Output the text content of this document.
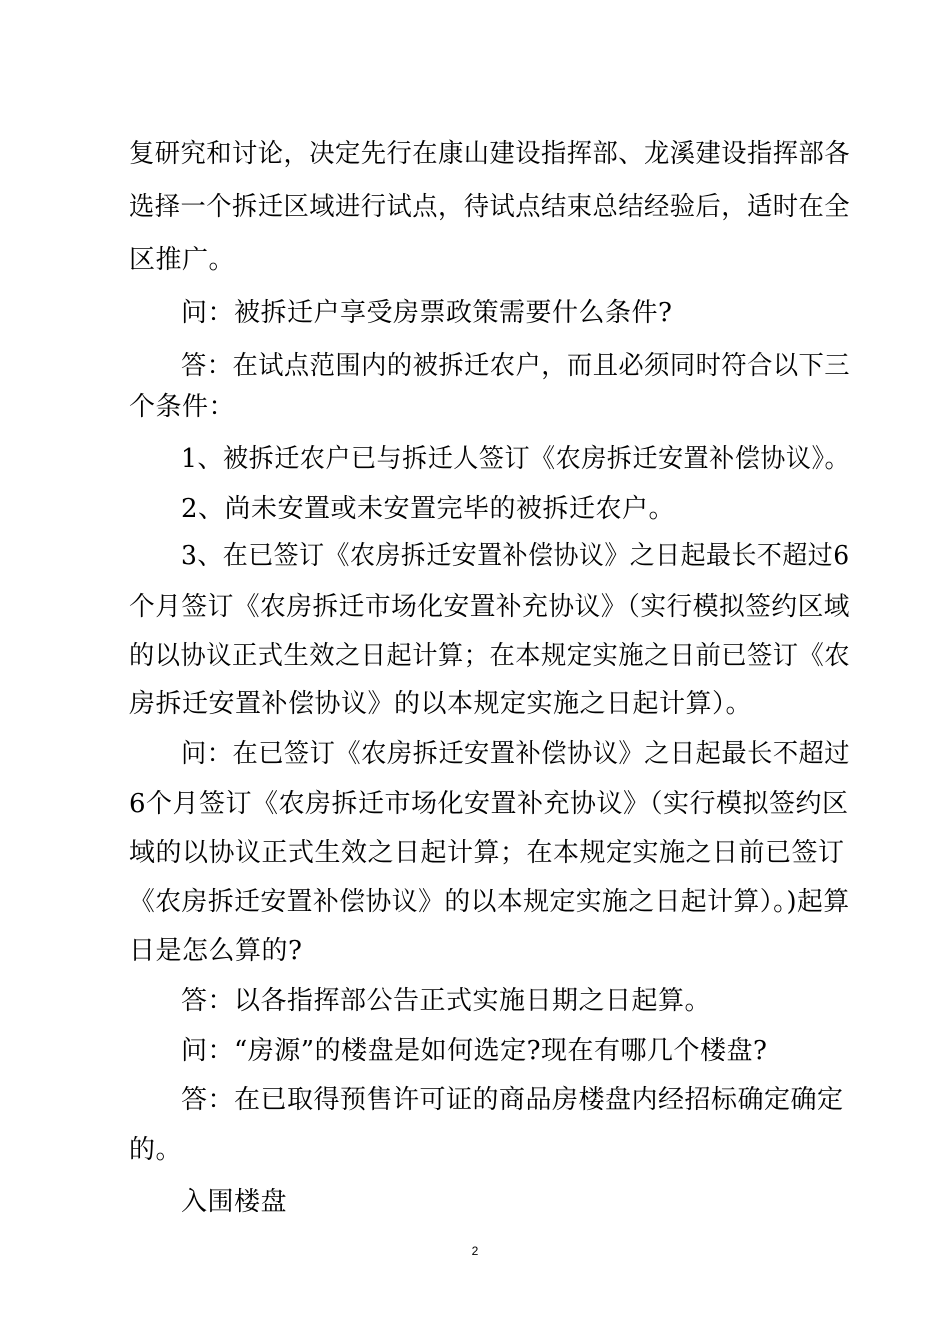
复研究和讨论，决定先行在康山建设指挥部、龙溪建设指挥部各
选择一个拆迁区域进行试点，待试点结束总结经验后，适时在全
区推广。
问：被拆迁户享受房票政策需要什么条件?
答：在试点范围内的被拆迁农户，而且必须同时符合以下三
个条件：
1、被拆迁农户已与拆迁人签订《农房拆迁安置补偿协议》。
2、尚未安置或未安置完毕的被拆迁农户。
3、在已签订《农房拆迁安置补偿协议》之日起最长不超过6
个月签订《农房拆迁市场化安置补充协议》（实行模拟签约区域
的以协议正式生效之日起计算；在本规定实施之日前已签订《农
房拆迁安置补偿协议》的以本规定实施之日起计算）。
问：在已签订《农房拆迁安置补偿协议》之日起最长不超过
6个月签订《农房拆迁市场化安置补充协议》（实行模拟签约区
域的以协议正式生效之日起计算；在本规定实施之日前已签订
《农房拆迁安置补偿协议》的以本规定实施之日起计算）。)起算
日是怎么算的?
答：以各指挥部公告正式实施日期之日起算。
问：“房源”的楼盘是如何选定?现在有哪几个楼盘?
答：在已取得预售许可证的商品房楼盘内经招标确定确定
的。
入围楼盘
2
